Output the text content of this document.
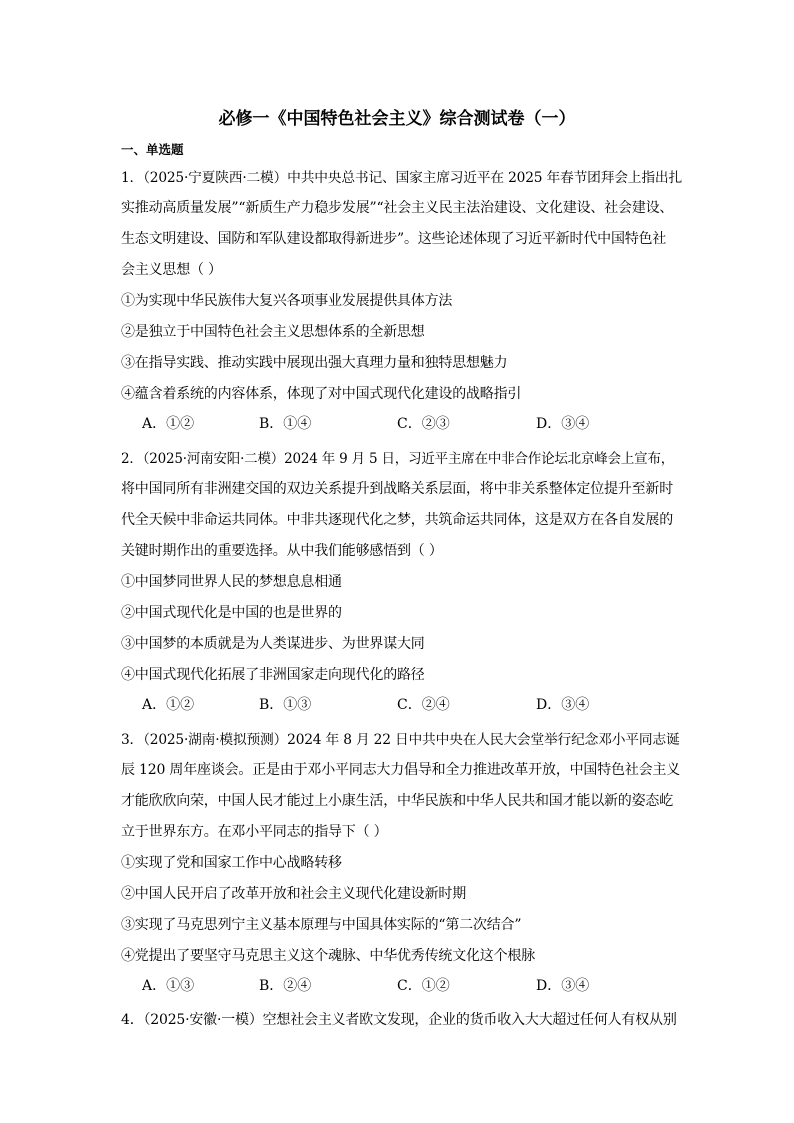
必修一《中国特色社会主义》综合测试卷（一）
一、单选题
1．（2025·宁夏陕西·二模）中共中央总书记、国家主席习近平在 2025 年春节团拜会上指出扎
实推动高质量发展”“新质生产力稳步发展”“社会主义民主法治建设、文化建设、社会建设、
生态文明建设、国防和军队建设都取得新进步”。这些论述体现了习近平新时代中国特色社
会主义思想（ ）
①为实现中华民族伟大复兴各项事业发展提供具体方法
②是独立于中国特色社会主义思想体系的全新思想
③在指导实践、推动实践中展现出强大真理力量和独特思想魅力
④蕴含着系统的内容体系，体现了对中国式现代化建设的战略指引
A．①②	B．①④	C．②③	D．③④
2．（2025·河南安阳·二模）2024 年 9 月 5 日，习近平主席在中非合作论坛北京峰会上宣布，
将中国同所有非洲建交国的双边关系提升到战略关系层面，将中非关系整体定位提升至新时
代全天候中非命运共同体。中非共逐现代化之梦，共筑命运共同体，这是双方在各自发展的
关键时期作出的重要选择。从中我们能够感悟到（ ）
①中国梦同世界人民的梦想息息相通
②中国式现代化是中国的也是世界的
③中国梦的本质就是为人类谋进步、为世界谋大同
④中国式现代化拓展了非洲国家走向现代化的路径
A．①②	B．①③	C．②④	D．③④
3．（2025·湖南·模拟预测）2024 年 8 月 22 日中共中央在人民大会堂举行纪念邓小平同志诞
辰 120 周年座谈会。正是由于邓小平同志大力倡导和全力推进改革开放，中国特色社会主义
才能欣欣向荣，中国人民才能过上小康生活，中华民族和中华人民共和国才能以新的姿态屹
立于世界东方。在邓小平同志的指导下（ ）
①实现了党和国家工作中心战略转移
②中国人民开启了改革开放和社会主义现代化建设新时期
③实现了马克思列宁主义基本原理与中国具体实际的“第二次结合”
④党提出了要坚守马克思主义这个魂脉、中华优秀传统文化这个根脉
A．①③	B．②④	C．①②	D．③④
4．（2025·安徽·一模）空想社会主义者欧文发现，企业的货币收入大大超过任何人有权从别
